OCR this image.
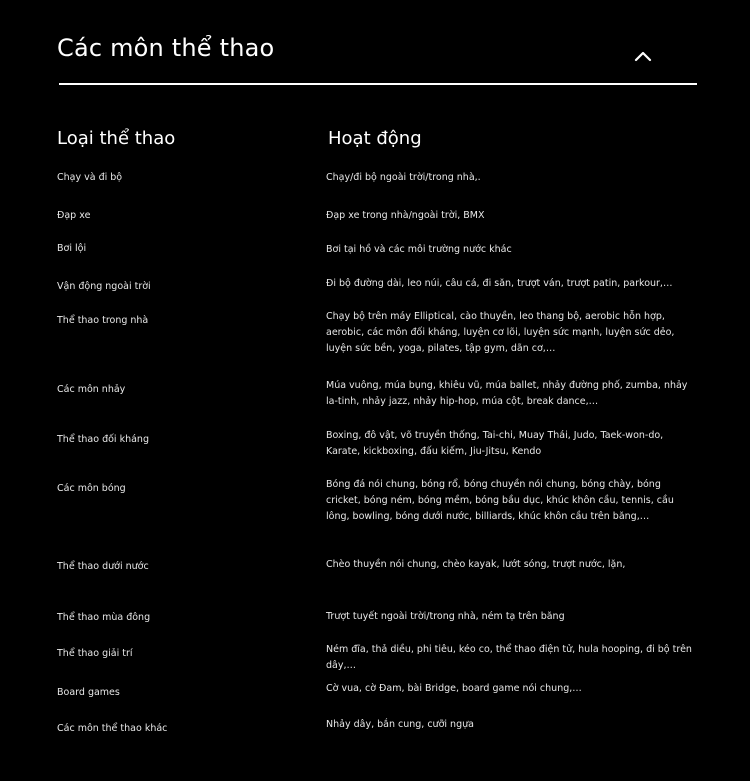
Các môn thể thao
Loại thể thao	Hoạt động
Chạy và đi bộ	Chạy/đi bộ ngoài trời/trong nhà,.
Đạp xe	Đạp xe trong nhà/ngoài trời, BMX
Bơi lội	Bơi tại hồ và các môi trường nước khác
Vận động ngoài trời	Đi bộ đường dài, leo núi, câu cá, đi săn, trượt ván, trượt patin, parkour,…
Thể thao trong nhà	Chạy bộ trên máy Elliptical, cào thuyền, leo thang bộ, aerobic hỗn hợp, aerobic, các môn đối kháng, luyện cơ lõi, luyện sức mạnh, luyện sức dẻo, luyện sức bền, yoga, pilates, tập gym, dãn cơ,…
Các môn nhảy	Múa vuông, múa bụng, khiêu vũ, múa ballet, nhảy đường phố, zumba, nhảy la-tinh, nhảy jazz, nhảy hip-hop, múa cột, break dance,…
Thể thao đối kháng	Boxing, đô vật, võ truyền thống, Tai-chi, Muay Thái, Judo, Taek-won-do, Karate, kickboxing, đấu kiếm, Jiu-Jitsu, Kendo
Các môn bóng	Bóng đá nói chung, bóng rổ, bóng chuyền nói chung, bóng chày, bóng cricket, bóng ném, bóng mềm, bóng bầu dục, khúc khôn cầu, tennis, cầu lông, bowling, bóng dưới nước, billiards, khúc khôn cầu trên băng,…
Thể thao dưới nước	Chèo thuyền nói chung, chèo kayak, lướt sóng, trượt nước, lặn,
Thể thao mùa đông	Trượt tuyết ngoài trời/trong nhà, ném tạ trên băng
Thể thao giải trí	Ném đĩa, thả diều, phi tiêu, kéo co, thể thao điện tử, hula hooping, đi bộ trên dây,…
Board games	Cờ vua, cờ Đam, bài Bridge, board game nói chung,…
Các môn thể thao khác	Nhảy dây, bắn cung, cưỡi ngựa
